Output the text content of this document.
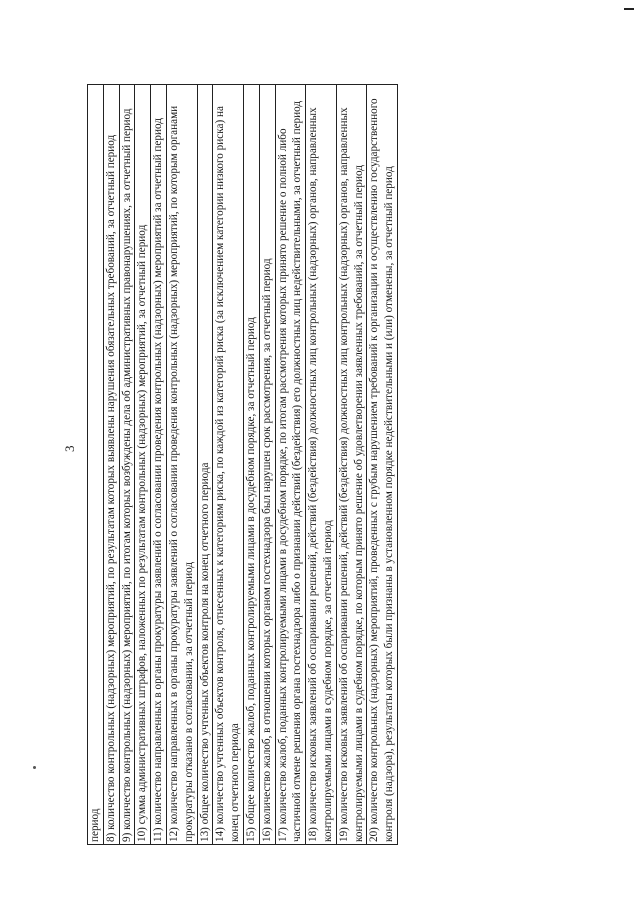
3
период
8) количество контрольных (надзорных) мероприятий, по результатам которых выявлены нарушения обязательных требований, за отчетный период
9) количество контрольных (надзорных) мероприятий, по итогам которых возбуждены дела об административных правонарушениях, за отчетный период
10) сумма административных штрафов, наложенных по результатам контрольных (надзорных) мероприятий, за отчетный период
11) количество направленных в органы прокуратуры заявлений о согласовании проведения контрольных (надзорных) мероприятий за отчетный период
12) количество направленных в органы прокуратуры заявлений о согласовании проведения контрольных (надзорных) мероприятий, по которым органами прокуратуры отказано в согласовании, за отчетный период
13) общее количество учтенных объектов контроля на конец отчетного периода
14) количество учтенных объектов контроля, отнесенных к категориям риска, по каждой из категорий риска (за исключением категории низкого риска) на конец отчетного периода
15) общее количество жалоб, поданных контролируемыми лицами в досудебном порядке, за отчетный период
16) количество жалоб, в отношении которых органом гостехнадзора был нарушен срок рассмотрения, за отчетный период
17) количество жалоб, поданных контролируемыми лицами в досудебном порядке, по итогам рассмотрения которых принято решение о полной либо частичной отмене решения органа гостехнадзора либо о признании действий (бездействия) его должностных лиц недействительными, за отчетный период
18) количество исковых заявлений об оспаривании решений, действий (бездействия) должностных лиц контрольных (надзорных) органов, направленных контролируемыми лицами в судебном порядке, за отчетный период
19) количество исковых заявлений об оспаривании решений, действий (бездействия) должностных лиц контрольных (надзорных) органов, направленных контролируемыми лицами в судебном порядке, по которым принято решение об удовлетворении заявленных требований, за отчетный период
20) количество контрольных (надзорных) мероприятий, проведенных с грубым нарушением требований к организации и осуществлению государственного контроля (надзора), результаты которых были признаны в установленном порядке недействительными и (или) отменены, за отчетный период
